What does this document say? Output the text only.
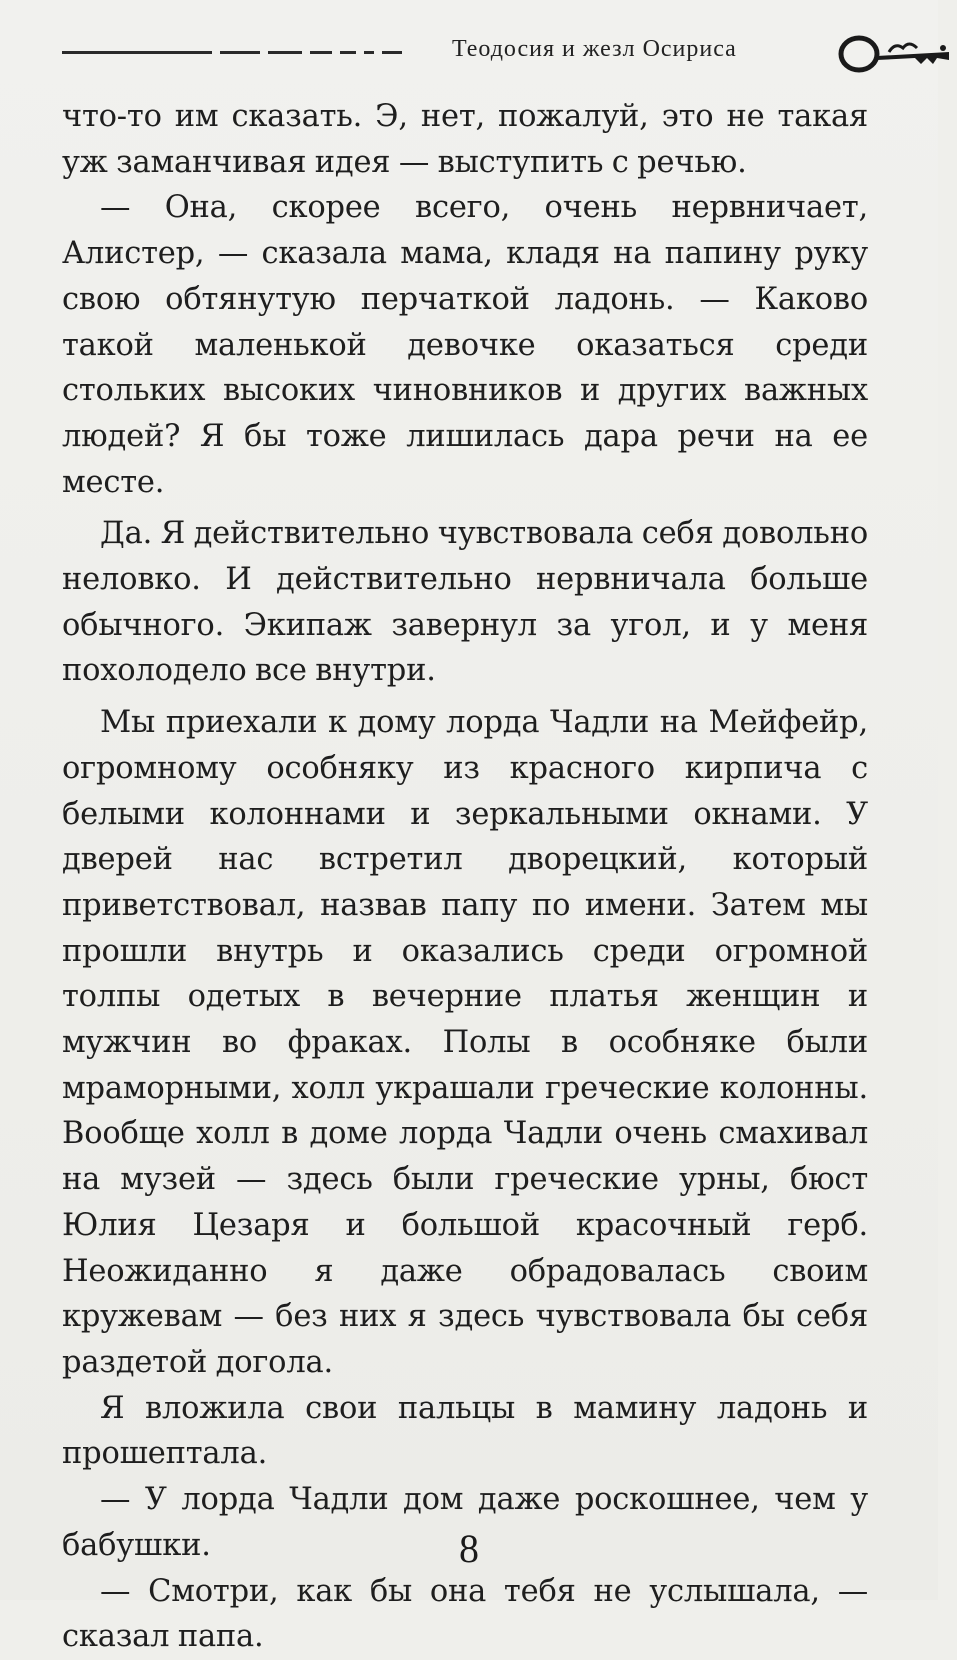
Теодосия и жезл Осириса

что-то им сказать. Э, нет, пожалуй, это не такая уж заманчивая идея — выступить с речью.

— Она, скорее всего, очень нервничает, Алистер, — сказала мама, кладя на папину руку свою обтянутую перчаткой ладонь. — Каково такой маленькой девочке оказаться среди стольких высоких чиновников и других важных людей? Я бы тоже лишилась дара речи на ее месте.

Да. Я действительно чувствовала себя довольно неловко. И действительно нервничала больше обычного. Экипаж завернул за угол, и у меня похолодело все внутри.

Мы приехали к дому лорда Чадли на Мейфейр, огромному особняку из красного кирпича с белыми колоннами и зеркальными окнами. У дверей нас встретил дворецкий, который приветствовал, назвав папу по имени. Затем мы прошли внутрь и оказались среди огромной толпы одетых в вечерние платья женщин и мужчин во фраках. Полы в особняке были мраморными, холл украшали греческие колонны. Вообще холл в доме лорда Чадли очень смахивал на музей — здесь были греческие урны, бюст Юлия Цезаря и большой красочный герб. Неожиданно я даже обрадовалась своим кружевам — без них я здесь чувствовала бы себя раздетой догола.

Я вложила свои пальцы в мамину ладонь и прошептала.

— У лорда Чадли дом даже роскошнее, чем у бабушки.

— Смотри, как бы она тебя не услышала, — сказал папа.

8
